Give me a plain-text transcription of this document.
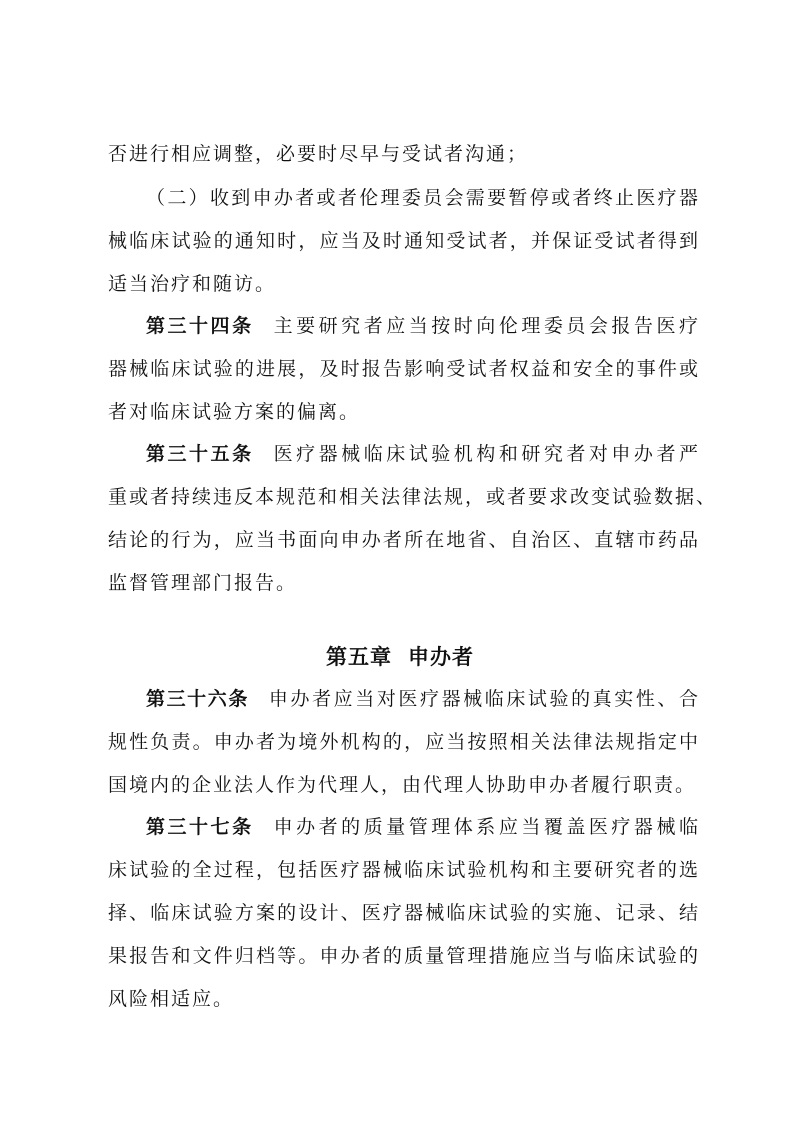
否进行相应调整，必要时尽早与受试者沟通；
（二）收到申办者或者伦理委员会需要暂停或者终止医疗器
械临床试验的通知时，应当及时通知受试者，并保证受试者得到
适当治疗和随访。
第三十四条 主要研究者应当按时向伦理委员会报告医疗
器械临床试验的进展，及时报告影响受试者权益和安全的事件或
者对临床试验方案的偏离。
第三十五条 医疗器械临床试验机构和研究者对申办者严
重或者持续违反本规范和相关法律法规，或者要求改变试验数据、
结论的行为，应当书面向申办者所在地省、自治区、直辖市药品
监督管理部门报告。
第五章 申办者
第三十六条 申办者应当对医疗器械临床试验的真实性、合
规性负责。申办者为境外机构的，应当按照相关法律法规指定中
国境内的企业法人作为代理人，由代理人协助申办者履行职责。
第三十七条 申办者的质量管理体系应当覆盖医疗器械临
床试验的全过程，包括医疗器械临床试验机构和主要研究者的选
择、临床试验方案的设计、医疗器械临床试验的实施、记录、结
果报告和文件归档等。申办者的质量管理措施应当与临床试验的
风险相适应。
